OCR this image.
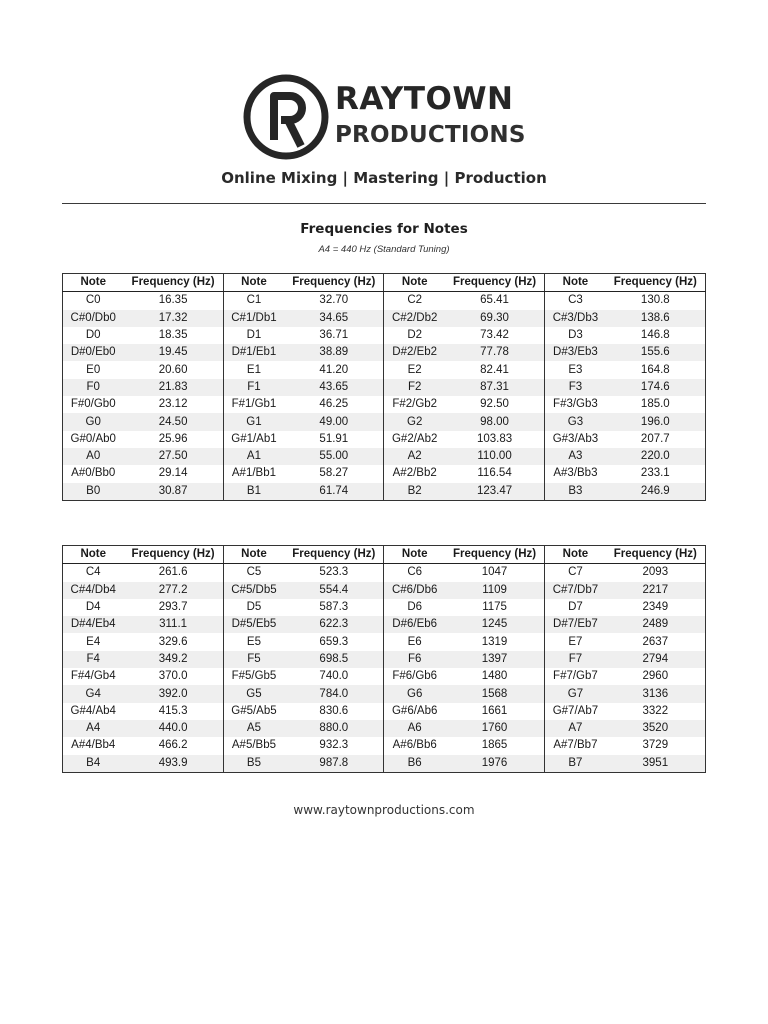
R
RAYTOWN
PRODUCTIONS
Online Mixing | Mastering | Production
Frequencies for Notes
A4 = 440 Hz (Standard Tuning)
Note	Frequency (Hz)	Note	Frequency (Hz)	Note	Frequency (Hz)	Note	Frequency (Hz)
C0	16.35	C1	32.70	C2	65.41	C3	130.8
C#0/Db0	17.32	C#1/Db1	34.65	C#2/Db2	69.30	C#3/Db3	138.6
D0	18.35	D1	36.71	D2	73.42	D3	146.8
D#0/Eb0	19.45	D#1/Eb1	38.89	D#2/Eb2	77.78	D#3/Eb3	155.6
E0	20.60	E1	41.20	E2	82.41	E3	164.8
F0	21.83	F1	43.65	F2	87.31	F3	174.6
F#0/Gb0	23.12	F#1/Gb1	46.25	F#2/Gb2	92.50	F#3/Gb3	185.0
G0	24.50	G1	49.00	G2	98.00	G3	196.0
G#0/Ab0	25.96	G#1/Ab1	51.91	G#2/Ab2	103.83	G#3/Ab3	207.7
A0	27.50	A1	55.00	A2	110.00	A3	220.0
A#0/Bb0	29.14	A#1/Bb1	58.27	A#2/Bb2	116.54	A#3/Bb3	233.1
B0	30.87	B1	61.74	B2	123.47	B3	246.9
Note	Frequency (Hz)	Note	Frequency (Hz)	Note	Frequency (Hz)	Note	Frequency (Hz)
C4	261.6	C5	523.3	C6	1047	C7	2093
C#4/Db4	277.2	C#5/Db5	554.4	C#6/Db6	1109	C#7/Db7	2217
D4	293.7	D5	587.3	D6	1175	D7	2349
D#4/Eb4	311.1	D#5/Eb5	622.3	D#6/Eb6	1245	D#7/Eb7	2489
E4	329.6	E5	659.3	E6	1319	E7	2637
F4	349.2	F5	698.5	F6	1397	F7	2794
F#4/Gb4	370.0	F#5/Gb5	740.0	F#6/Gb6	1480	F#7/Gb7	2960
G4	392.0	G5	784.0	G6	1568	G7	3136
G#4/Ab4	415.3	G#5/Ab5	830.6	G#6/Ab6	1661	G#7/Ab7	3322
A4	440.0	A5	880.0	A6	1760	A7	3520
A#4/Bb4	466.2	A#5/Bb5	932.3	A#6/Bb6	1865	A#7/Bb7	3729
B4	493.9	B5	987.8	B6	1976	B7	3951
www.raytownproductions.com
